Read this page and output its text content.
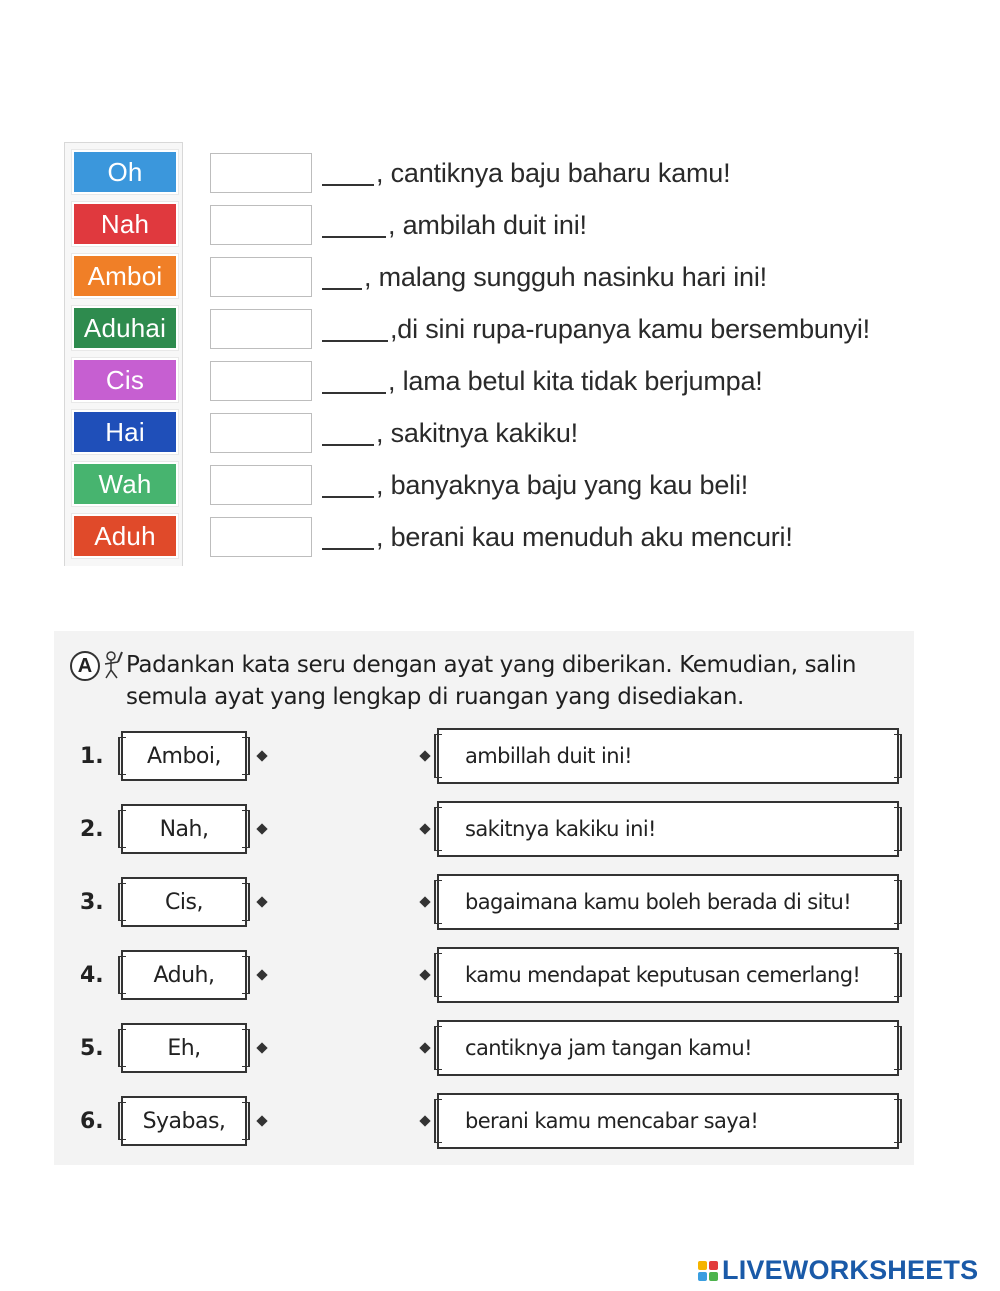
Oh
Nah
Amboi
Aduhai
Cis
Hai
Wah
Aduh
, cantiknya baju baharu kamu!
, ambilah duit ini!
, malang sungguh nasinku hari ini!
,di sini rupa-rupanya kamu bersembunyi!
, lama betul kita tidak berjumpa!
, sakitnya kakiku!
, banyaknya baju yang kau beli!
, berani kau menuduh aku mencuri!
A	Padankan kata seru dengan ayat yang diberikan. Kemudian, salin
semula ayat yang lengkap di ruangan yang disediakan.
1.
2.
3.
4.
5.
6.
Amboi,
Nah,
Cis,
Aduh,
Eh,
Syabas,
ambillah duit ini!
sakitnya kakiku ini!
bagaimana kamu boleh berada di situ!
kamu mendapat keputusan cemerlang!
cantiknya jam tangan kamu!
berani kamu mencabar saya!
LIVEWORKSHEETS
